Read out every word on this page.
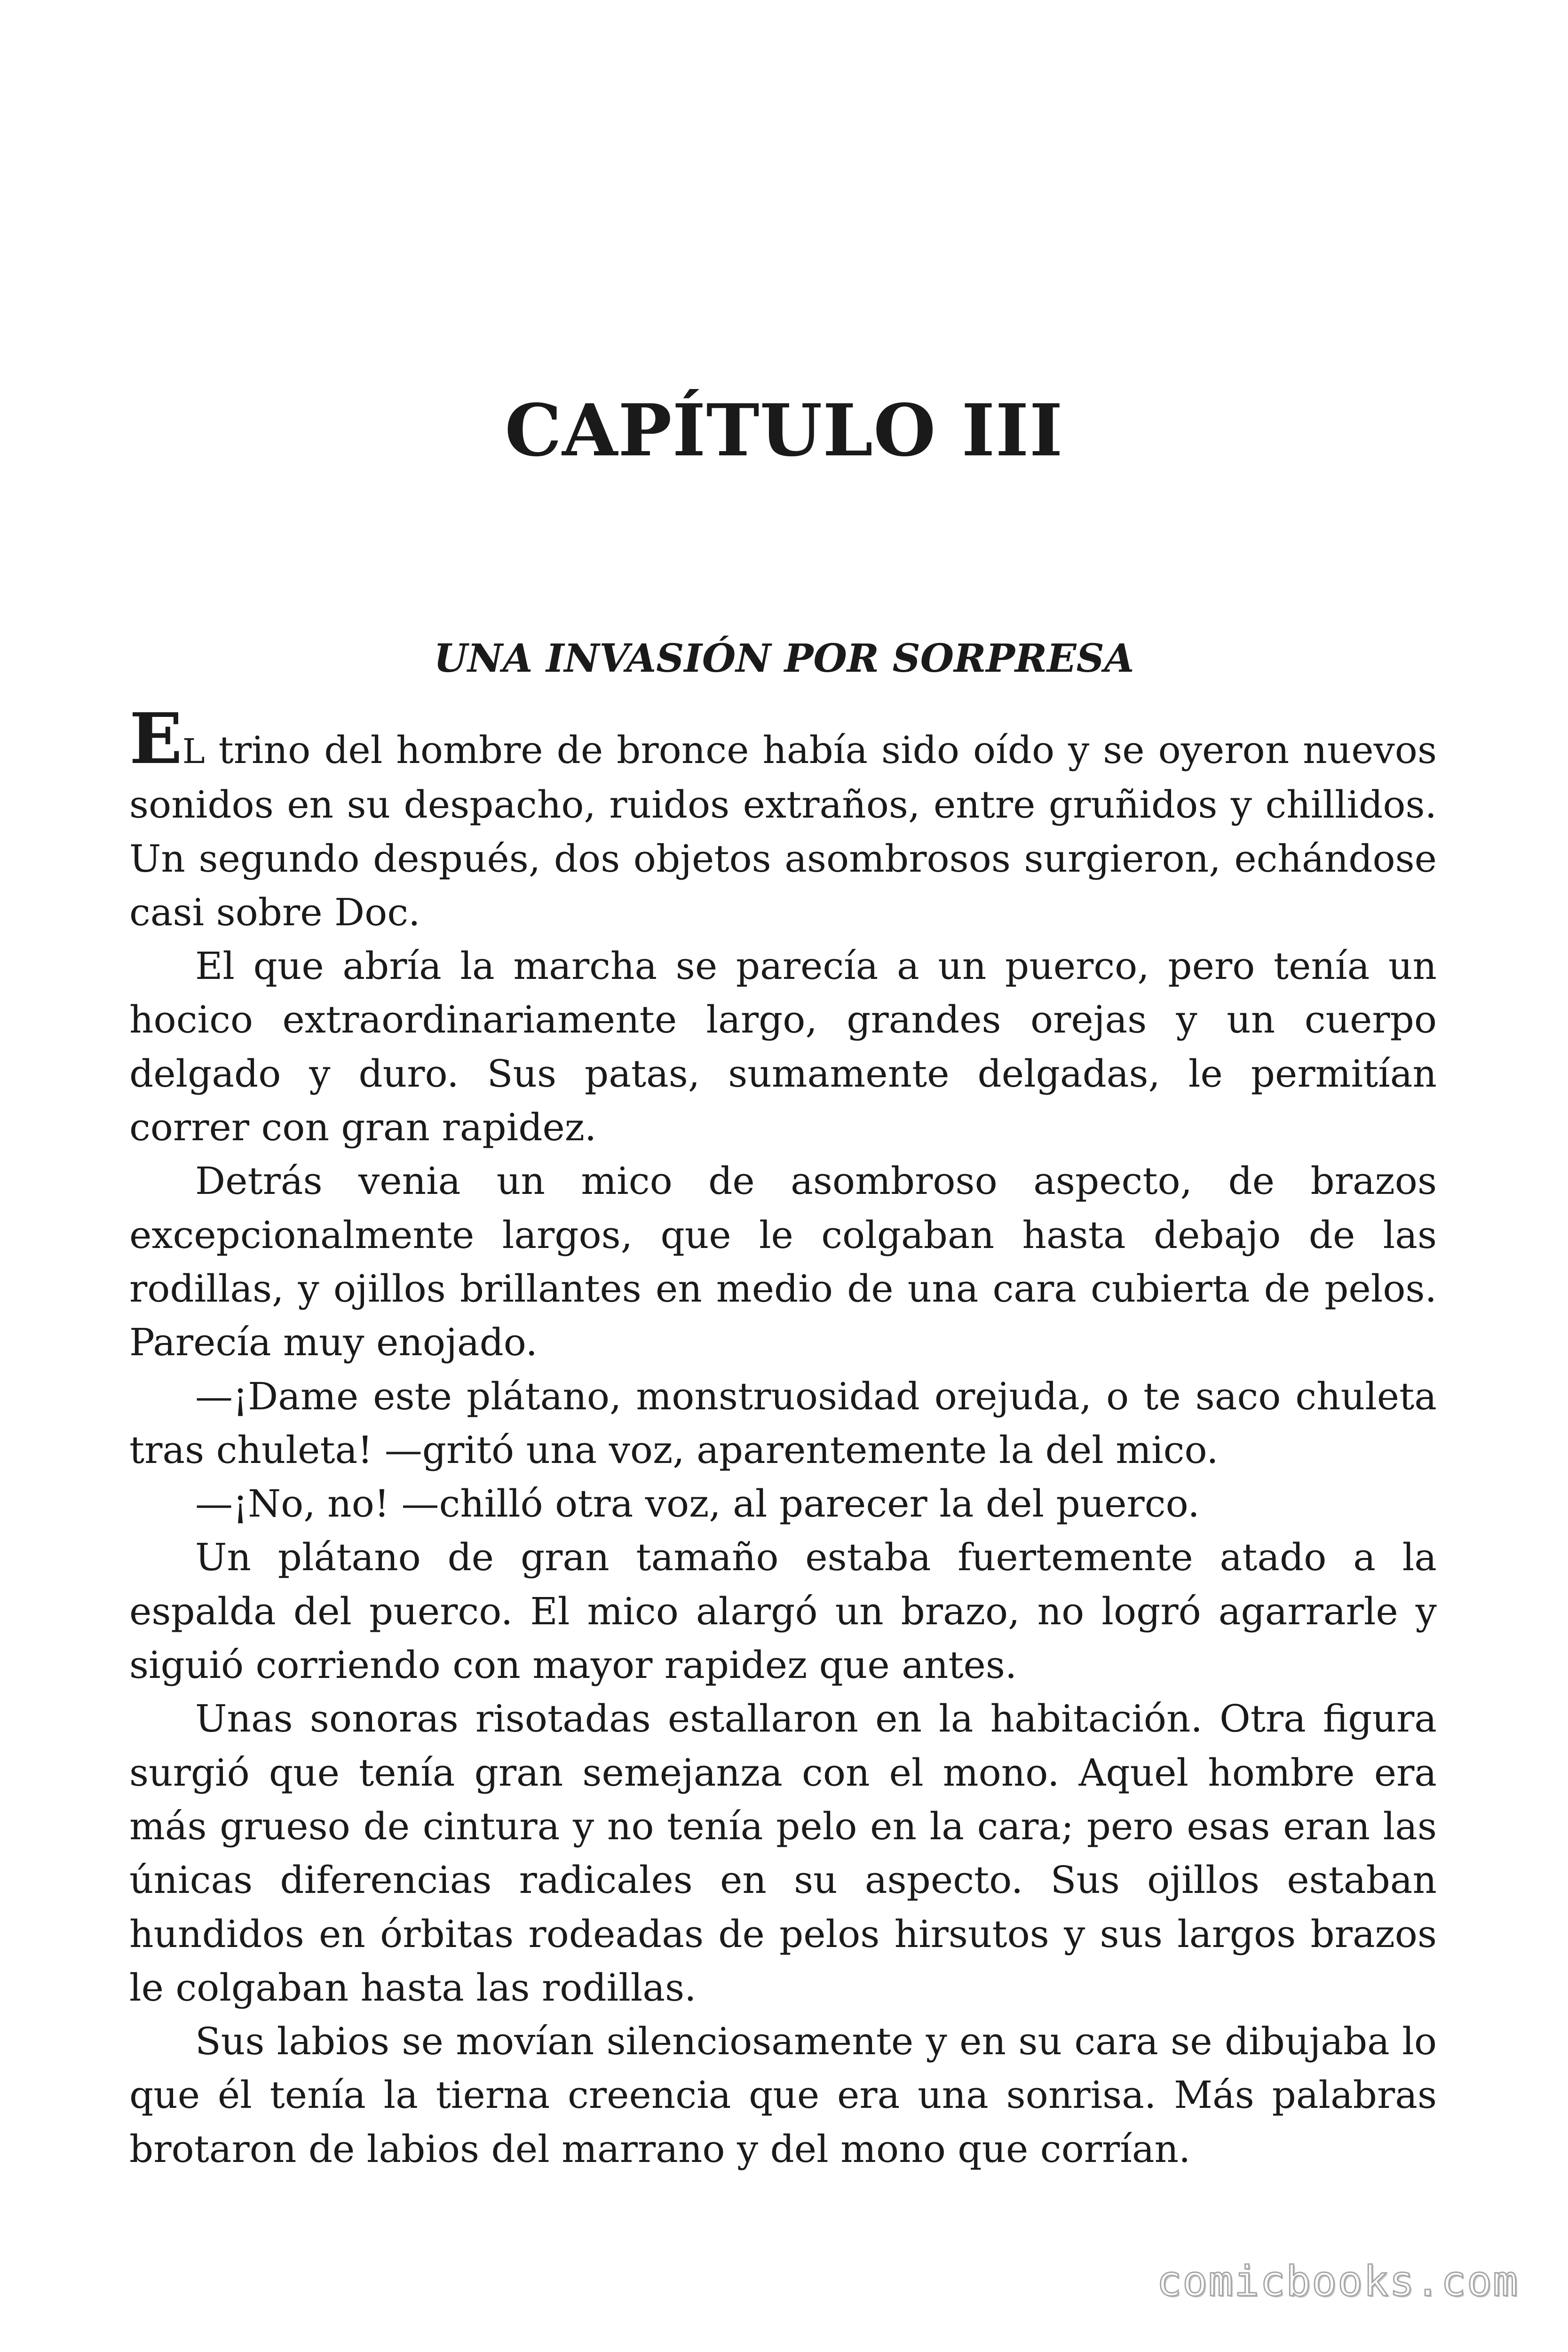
CAPÍTULO III
UNA INVASIÓN POR SORPRESA

EL trino del hombre de bronce había sido oído y se oyeron nuevos sonidos en su despacho, ruidos extraños, entre gruñidos y chillidos. Un segundo después, dos objetos asombrosos surgieron, echándose casi sobre Doc.

El que abría la marcha se parecía a un puerco, pero tenía un hocico extraordinariamente largo, grandes orejas y un cuerpo delgado y duro. Sus patas, sumamente delgadas, le permitían correr con gran rapidez.

Detrás venia un mico de asombroso aspecto, de brazos excepcionalmente largos, que le colgaban hasta debajo de las rodillas, y ojillos brillantes en medio de una cara cubierta de pelos. Parecía muy enojado.

—¡Dame este plátano, monstruosidad orejuda, o te saco chuleta tras chuleta! —gritó una voz, aparentemente la del mico.

—¡No, no! —chilló otra voz, al parecer la del puerco.

Un plátano de gran tamaño estaba fuertemente atado a la espalda del puerco. El mico alargó un brazo, no logró agarrarle y siguió corriendo con mayor rapidez que antes.

Unas sonoras risotadas estallaron en la habitación. Otra figura surgió que tenía gran semejanza con el mono. Aquel hombre era más grueso de cintura y no tenía pelo en la cara; pero esas eran las únicas diferencias radicales en su aspecto. Sus ojillos estaban hundidos en órbitas rodeadas de pelos hirsutos y sus largos brazos le colgaban hasta las rodillas.

Sus labios se movían silenciosamente y en su cara se dibujaba lo que él tenía la tierna creencia que era una sonrisa. Más palabras brotaron de labios del marrano y del mono que corrían.

comicbooks.com
